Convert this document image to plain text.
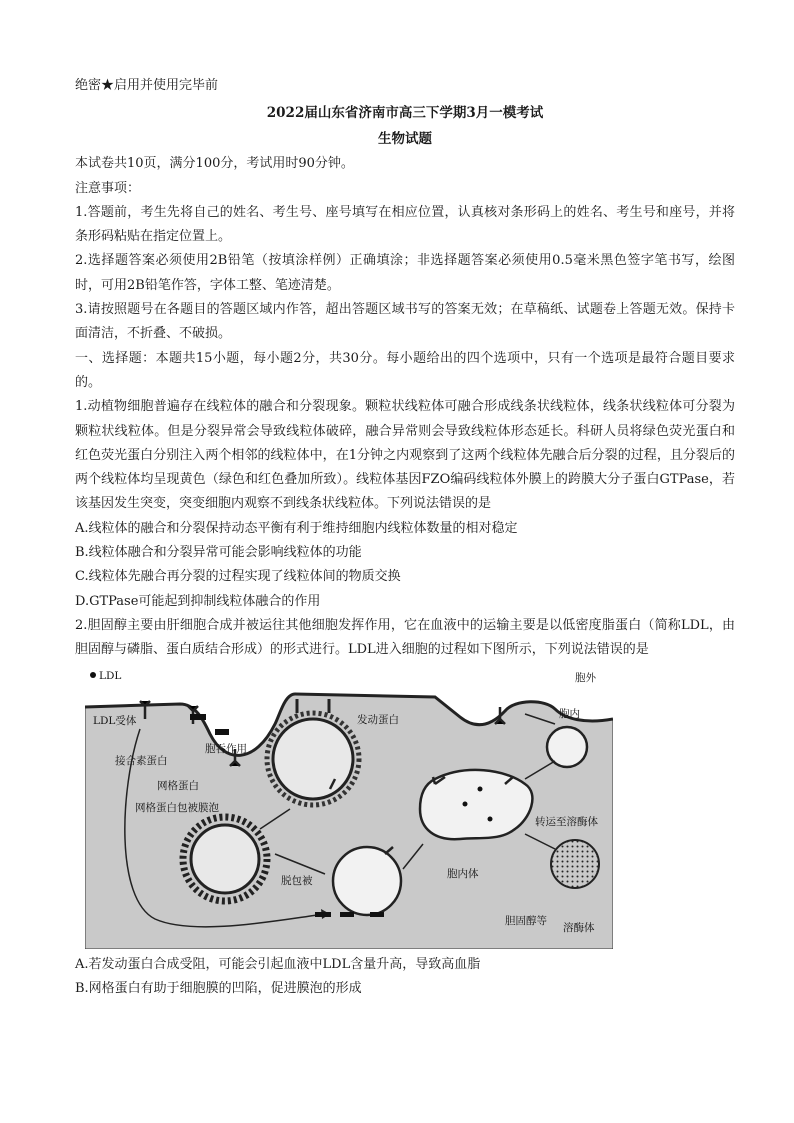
绝密★启用并使用完毕前
2022届山东省济南市高三下学期3月一模考试
生物试题
本试卷共10页，满分100分，考试用时90分钟。
注意事项：
1.答题前，考生先将自己的姓名、考生号、座号填写在相应位置，认真核对条形码上的姓名、考生号和座号，并将条形码粘贴在指定位置上。
2.选择题答案必须使用2B铅笔（按填涂样例）正确填涂；非选择题答案必须使用0.5毫米黑色签字笔书写，绘图时，可用2B铅笔作答，字体工整、笔迹清楚。
3.请按照题号在各题目的答题区域内作答，超出答题区域书写的答案无效；在草稿纸、试题卷上答题无效。保持卡面清洁，不折叠、不破损。
一、选择题：本题共15小题，每小题2分，共30分。每小题给出的四个选项中，只有一个选项是最符合题目要求的。
1.动植物细胞普遍存在线粒体的融合和分裂现象。颗粒状线粒体可融合形成线条状线粒体，线条状线粒体可分裂为颗粒状线粒体。但是分裂异常会导致线粒体破碎，融合异常则会导致线粒体形态延长。科研人员将绿色荧光蛋白和红色荧光蛋白分别注入两个相邻的线粒体中，在1分钟之内观察到了这两个线粒体先融合后分裂的过程，且分裂后的两个线粒体均呈现黄色（绿色和红色叠加所致）。线粒体基因FZO编码线粒体外膜上的跨膜大分子蛋白GTPase，若该基因发生突变，突变细胞内观察不到线条状线粒体。下列说法错误的是
A.线粒体的融合和分裂保持动态平衡有利于维持细胞内线粒体数量的相对稳定
B.线粒体融合和分裂异常可能会影响线粒体的功能
C.线粒体先融合再分裂的过程实现了线粒体间的物质交换
D.GTPase可能起到抑制线粒体融合的作用
2.胆固醇主要由肝细胞合成并被运往其他细胞发挥作用，它在血液中的运输主要是以低密度脂蛋白（简称LDL，由胆固醇与磷脂、蛋白质结合形成）的形式进行。LDL进入细胞的过程如下图所示，下列说法错误的是
LDL	胞外
胞内
LDL受体
接合素蛋白
网格蛋白
网格蛋白包被膜泡
胞吞作用
发动蛋白
脱包被
胞内体
转运至溶酶体
胆固醇等
溶酶体
A.若发动蛋白合成受阻，可能会引起血液中LDL含量升高，导致高血脂
B.网格蛋白有助于细胞膜的凹陷，促进膜泡的形成
